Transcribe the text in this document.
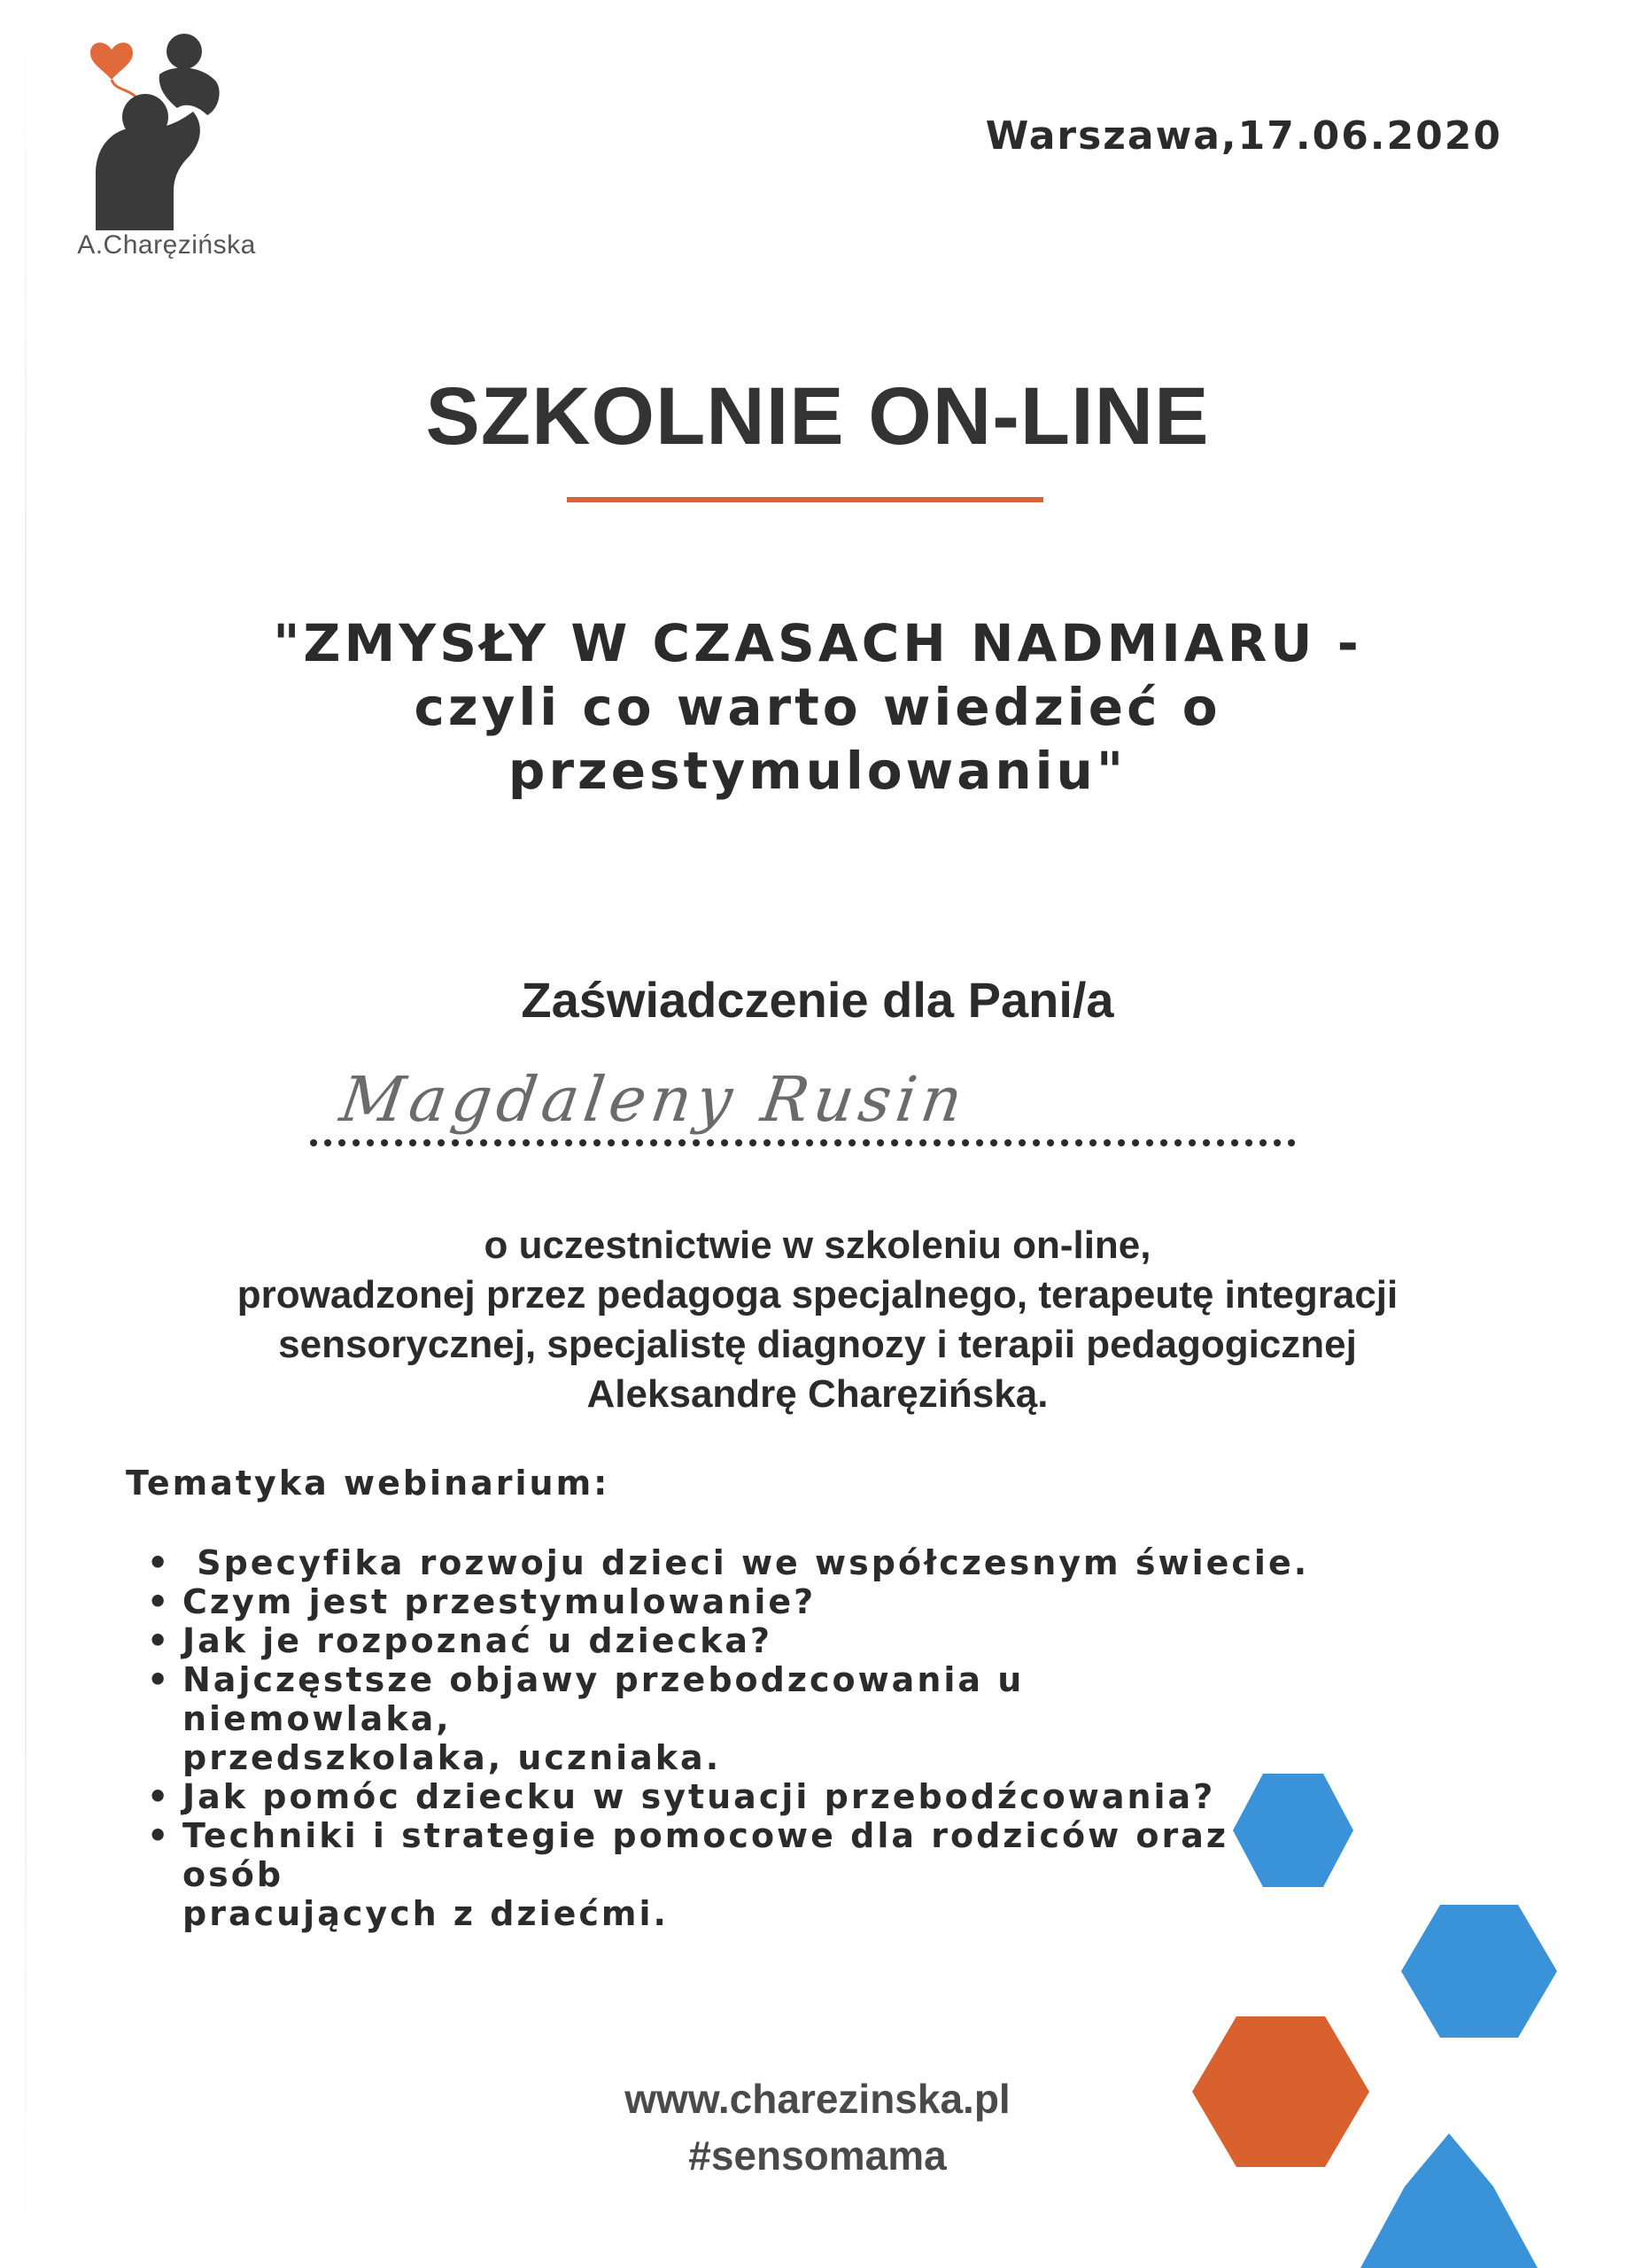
A.Charęzińska
Warszawa,17.06.2020
SZKOLNIE ON-LINE
"ZMYSŁY W CZASACH NADMIARU -
czyli co warto wiedzieć o
przestymulowaniu"
Zaświadczenie dla Pani/a
Magdaleny Rusin
o uczestnictwie w szkoleniu on-line,
prowadzonej przez pedagoga specjalnego, terapeutę integracji
sensorycznej, specjalistę diagnozy i terapii pedagogicznej
Aleksandrę Charęzińską.
Tematyka webinarium:
• Specyfika rozwoju dzieci we współczesnym świecie.
• Czym jest przestymulowanie?
• Jak je rozpoznać u dziecka?
• Najczęstsze objawy przebodzcowania u niemowlaka,
przedszkolaka, uczniaka.
• Jak pomóc dziecku w sytuacji przebodźcowania?
• Techniki i strategie pomocowe dla rodziców oraz osób
pracujących z dziećmi.
www.charezinska.pl
#sensomama
